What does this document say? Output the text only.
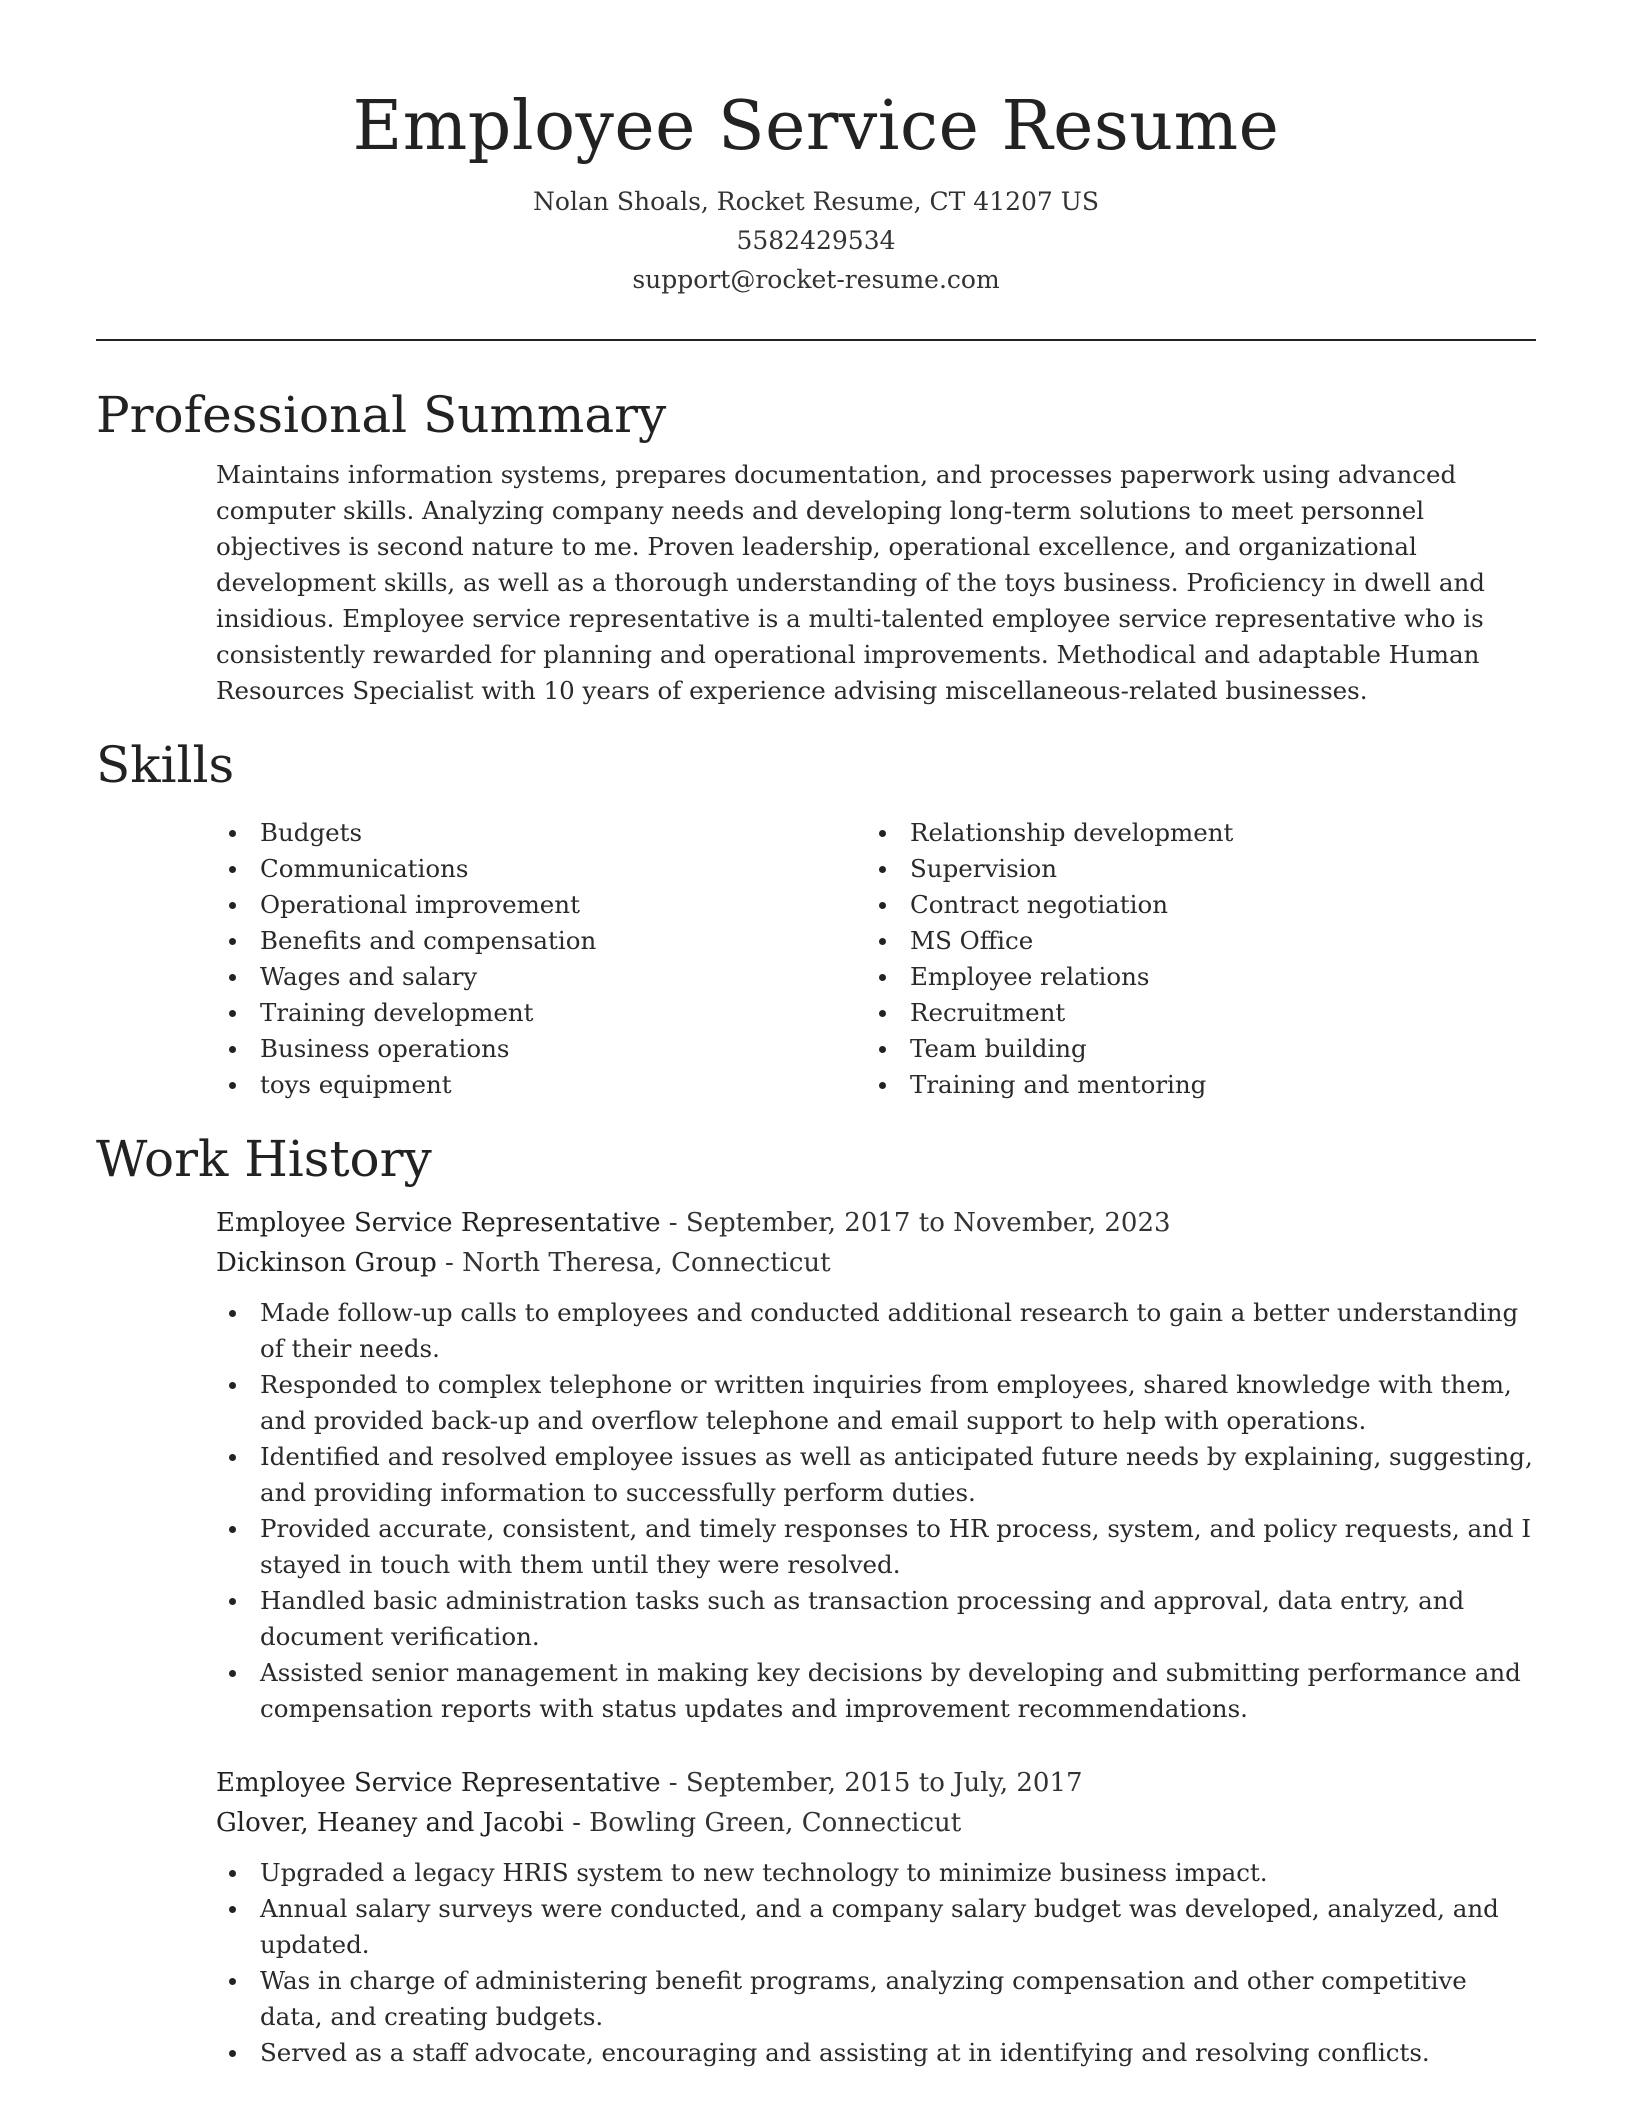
Employee Service Resume
Nolan Shoals, Rocket Resume, CT 41207 US
5582429534
support@rocket-resume.com
Professional Summary

Maintains information systems, prepares documentation, and processes paperwork using advanced computer skills. Analyzing company needs and developing long-term solutions to meet personnel objectives is second nature to me. Proven leadership, operational excellence, and organizational development skills, as well as a thorough understanding of the toys business. Proficiency in dwell and insidious. Employee service representative is a multi-talented employee service representative who is consistently rewarded for planning and operational improvements. Methodical and adaptable Human Resources Specialist with 10 years of experience advising miscellaneous-related businesses.

Skills
Budgets
Communications
Operational improvement
Benefits and compensation
Wages and salary
Training development
Business operations
toys equipment
Relationship development
Supervision
Contract negotiation
MS Office
Employee relations
Recruitment
Team building
Training and mentoring
Work History
Employee Service Representative - September, 2017 to November, 2023
Dickinson Group - North Theresa, Connecticut
Made follow-up calls to employees and conducted additional research to gain a better understanding of their needs.
Responded to complex telephone or written inquiries from employees, shared knowledge with them, and provided back-up and overflow telephone and email support to help with operations.
Identified and resolved employee issues as well as anticipated future needs by explaining, suggesting, and providing information to successfully perform duties.
Provided accurate, consistent, and timely responses to HR process, system, and policy requests, and I stayed in touch with them until they were resolved.
Handled basic administration tasks such as transaction processing and approval, data entry, and document verification.
Assisted senior management in making key decisions by developing and submitting performance and compensation reports with status updates and improvement recommendations.
Employee Service Representative - September, 2015 to July, 2017
Glover, Heaney and Jacobi - Bowling Green, Connecticut
Upgraded a legacy HRIS system to new technology to minimize business impact.
Annual salary surveys were conducted, and a company salary budget was developed, analyzed, and updated.
Was in charge of administering benefit programs, analyzing compensation and other competitive data, and creating budgets.
Served as a staff advocate, encouraging and assisting at in identifying and resolving conflicts.
